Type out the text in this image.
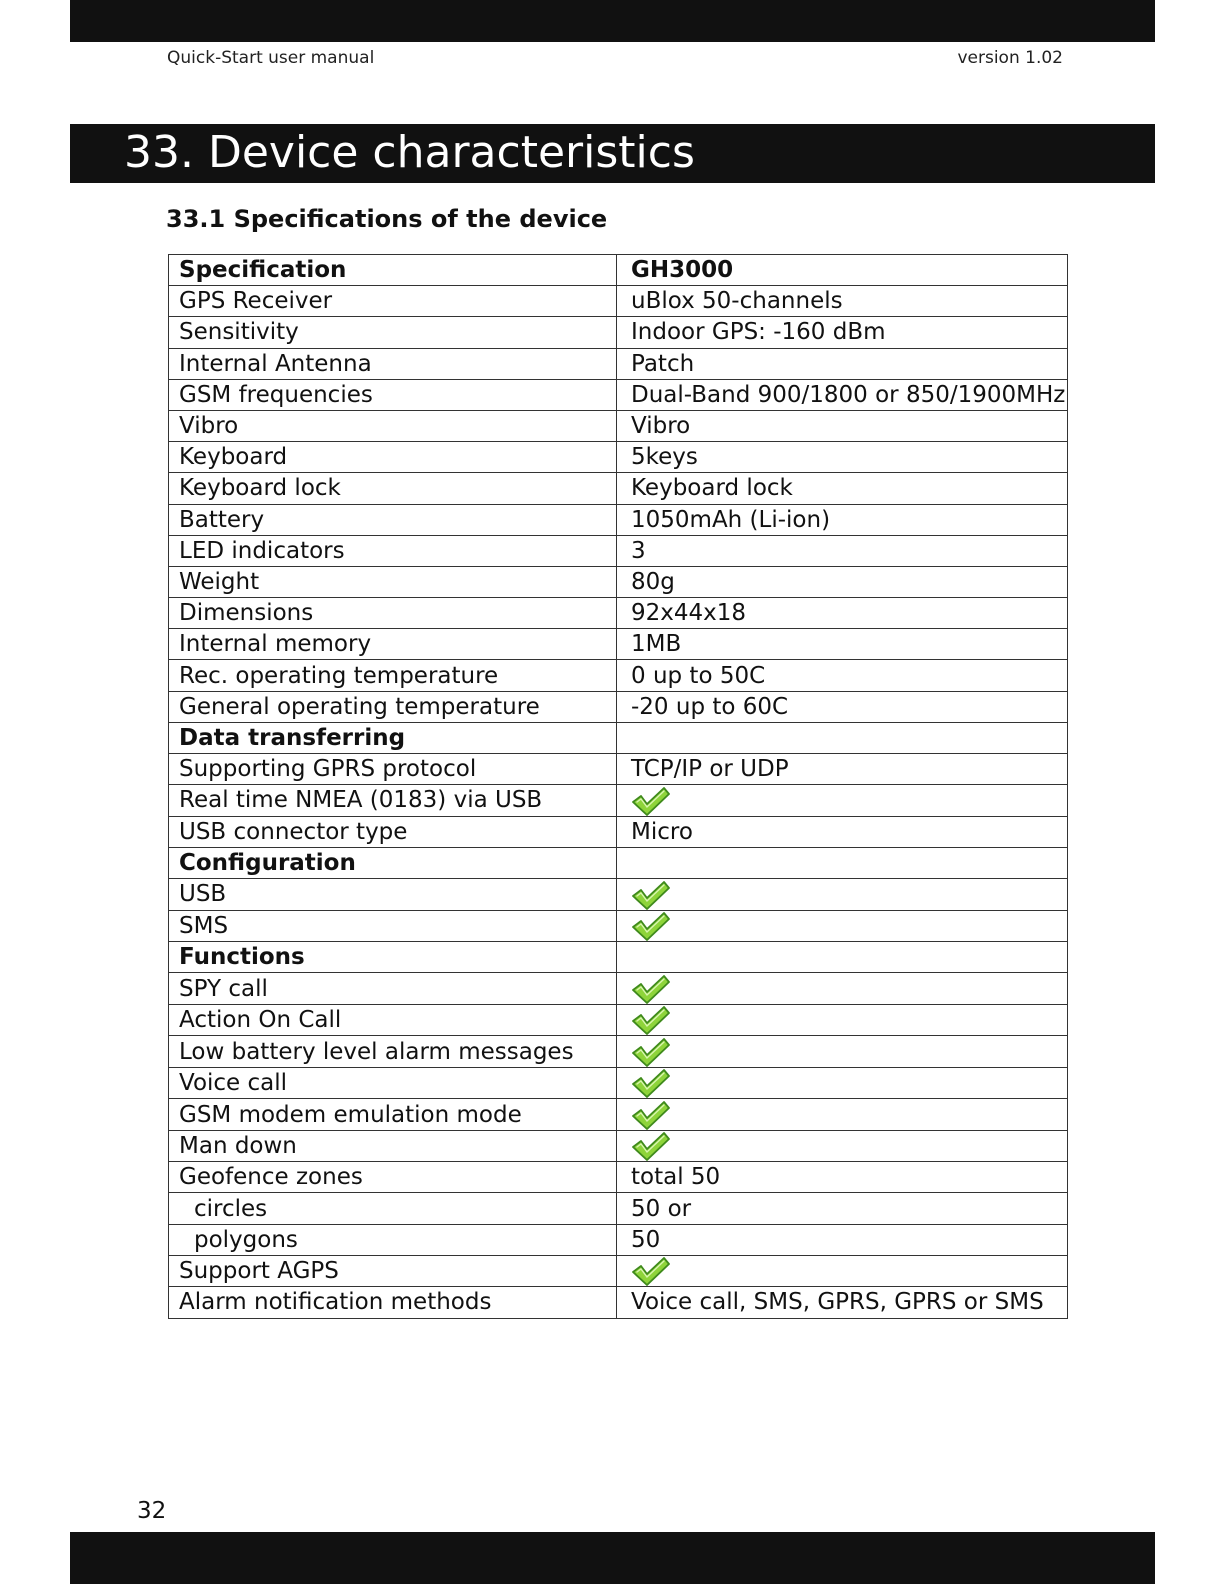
Quick-Start user manual	version 1.02
33. Device characteristics
33.1 Specifications of the device
Specification	GH3000
GPS Receiver	uBlox 50-channels
Sensitivity	Indoor GPS: -160 dBm
Internal Antenna	Patch
GSM frequencies	Dual-Band 900/1800 or 850/1900MHz
Vibro	Vibro
Keyboard	5keys
Keyboard lock	Keyboard lock
Battery	1050mAh (Li-ion)
LED indicators	3
Weight	80g
Dimensions	92x44x18
Internal memory	1MB
Rec. operating temperature	0 up to 50C
General operating temperature	-20 up to 60C
Data transferring	
Supporting GPRS protocol	TCP/IP or UDP
Real time NMEA (0183) via USB	

USB connector type	Micro
Configuration	
USB	

SMS	

Functions	
SPY call	

Action On Call	

Low battery level alarm messages	

Voice call	

GSM modem emulation mode	

Man down	

Geofence zones	total 50
circles	50 or
polygons	50
Support AGPS	

Alarm notification methods	Voice call, SMS, GPRS, GPRS or SMS
32
